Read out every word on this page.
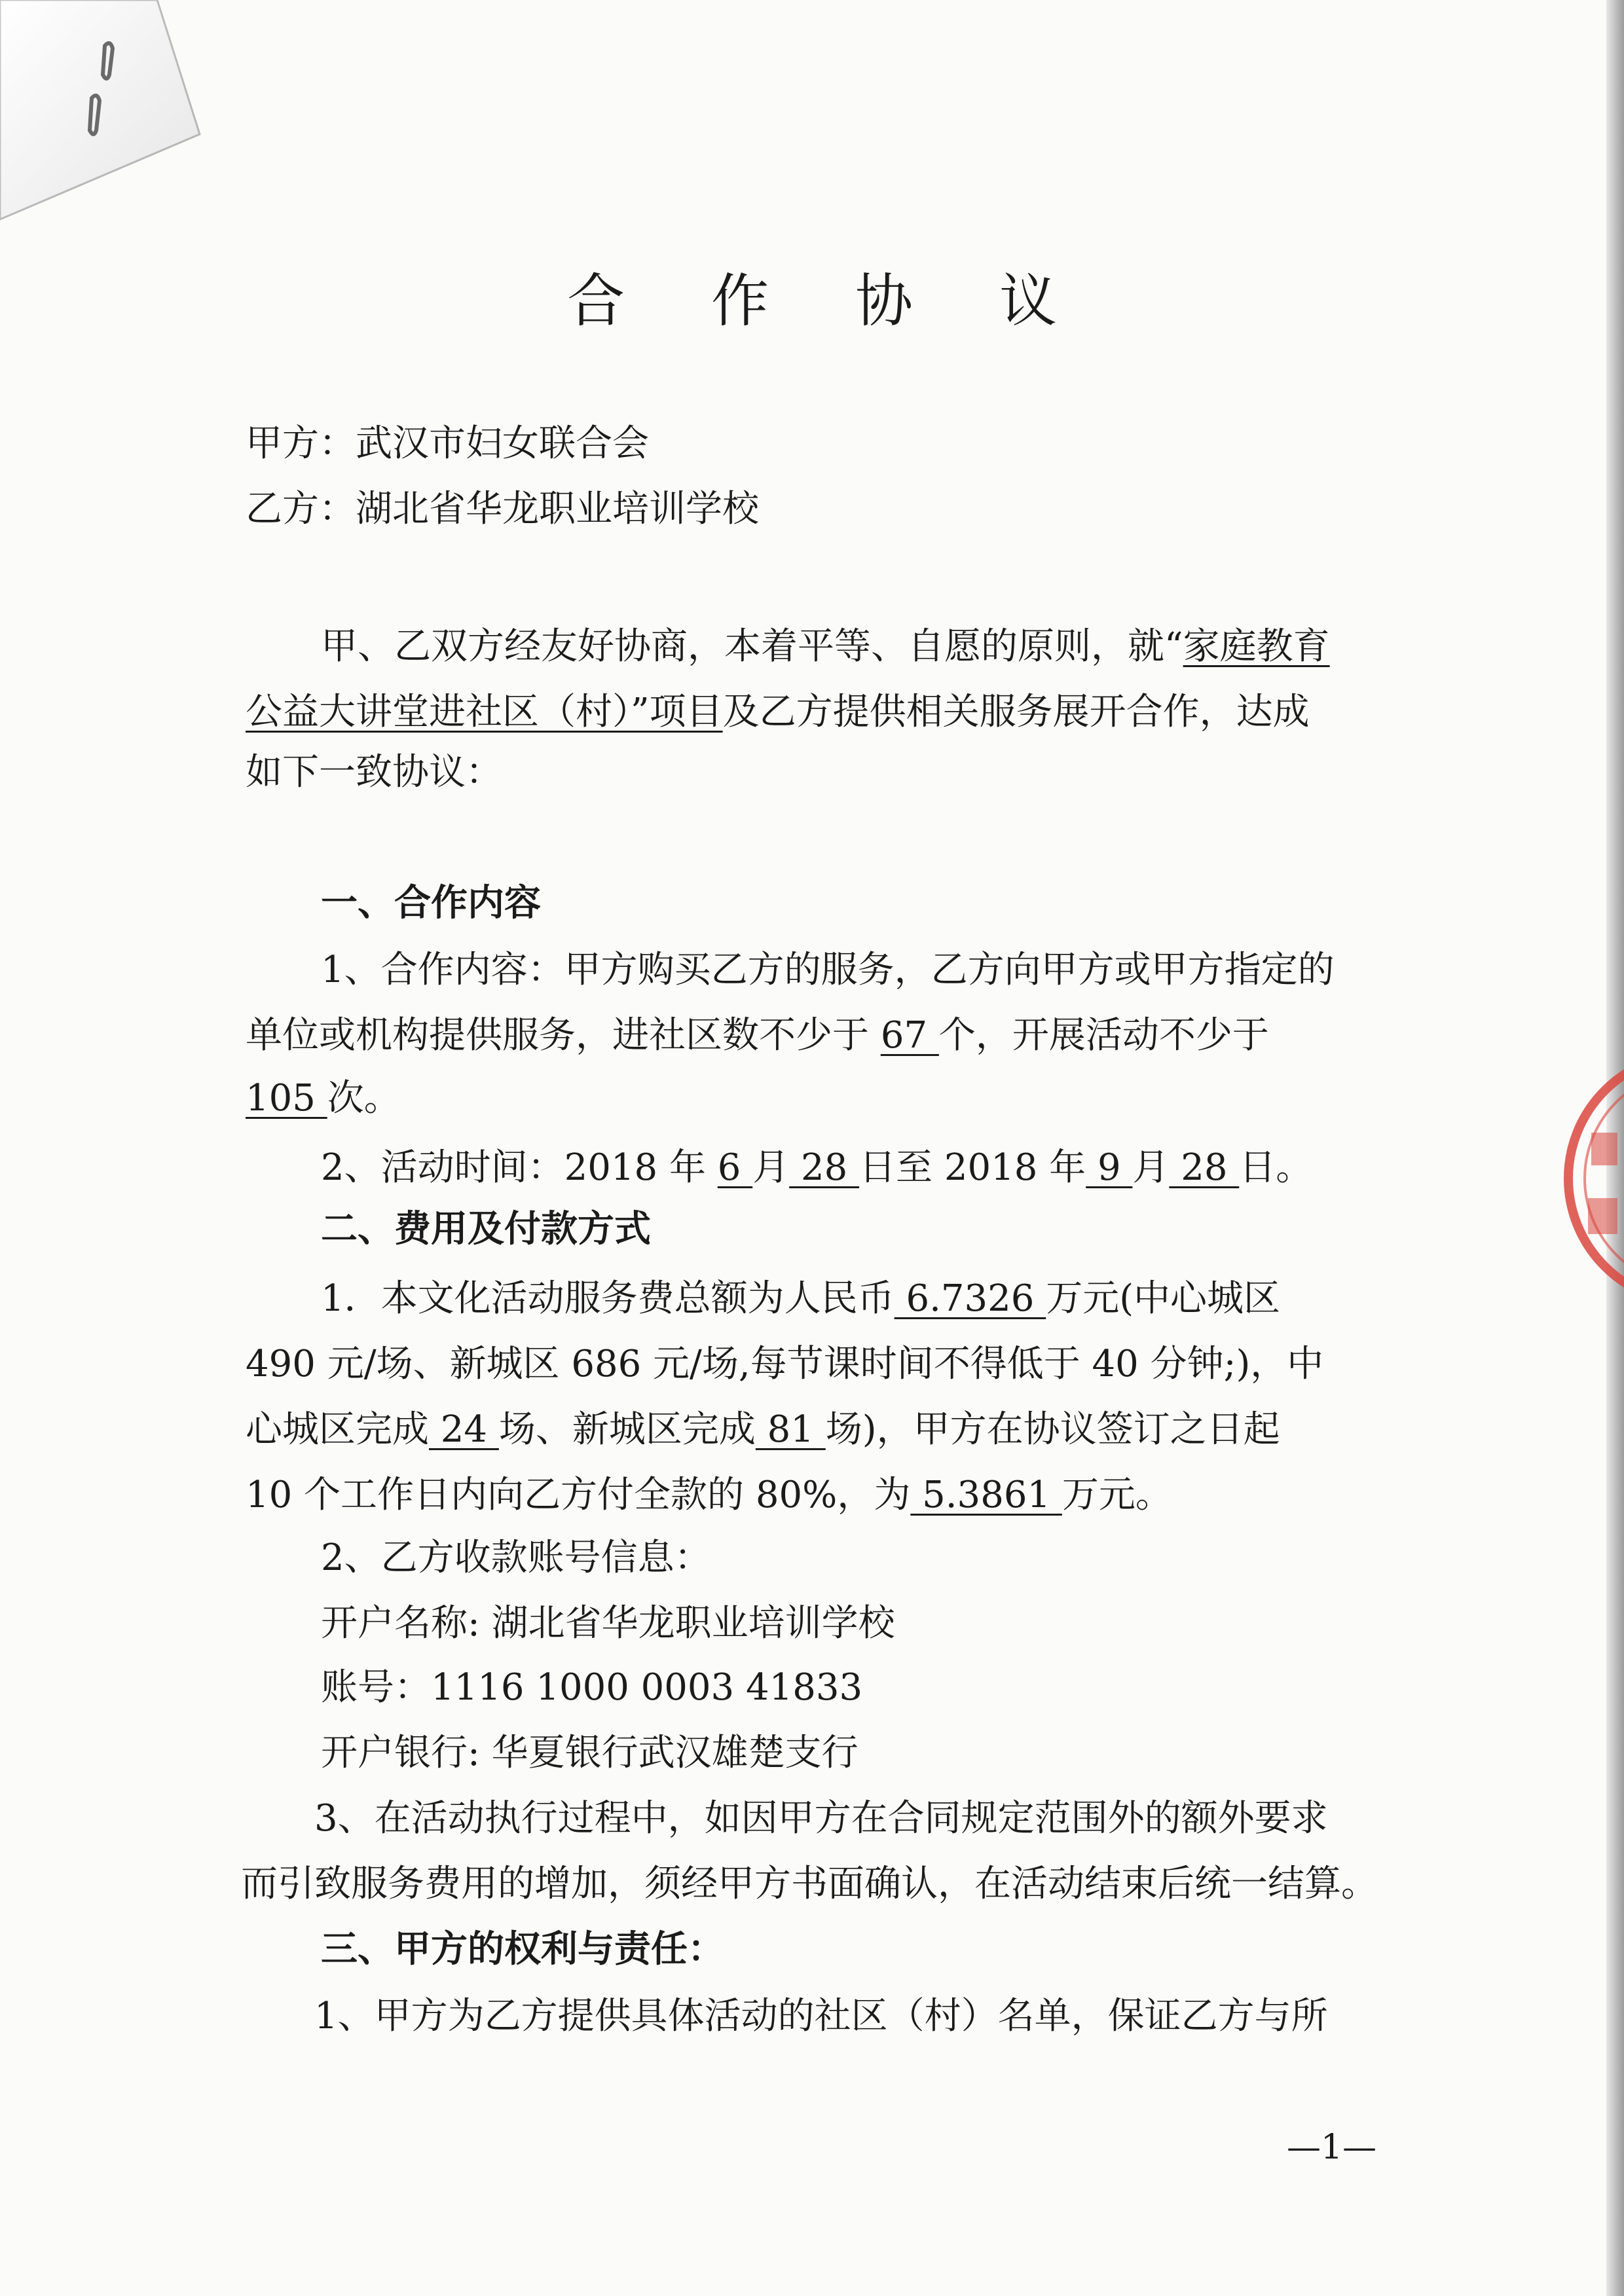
合 作 协 议
甲方：武汉市妇女联合会
乙方：湖北省华龙职业培训学校
甲、乙双方经友好协商，本着平等、自愿的原则，就“家庭教育
公益大讲堂进社区（村）”项目及乙方提供相关服务展开合作，达成
如下一致协议：
一、合作内容
1、合作内容：甲方购买乙方的服务，乙方向甲方或甲方指定的
单位或机构提供服务，进社区数不少于 67 个，开展活动不少于
105 次。
2、活动时间：2018 年 6 月 28 日至 2018 年 9 月 28 日。
二、费用及付款方式
1．本文化活动服务费总额为人民币 6.7326 万元(中心城区
490 元/场、新城区 686 元/场,每节课时间不得低于 40 分钟;)，中
心城区完成 24 场、新城区完成 81 场)，甲方在协议签订之日起
10 个工作日内向乙方付全款的 80%，为 5.3861 万元。
2、乙方收款账号信息：
开户名称: 湖北省华龙职业培训学校
账号：1116 1000 0003 41833
开户银行: 华夏银行武汉雄楚支行
3、在活动执行过程中，如因甲方在合同规定范围外的额外要求
而引致服务费用的增加，须经甲方书面确认，在活动结束后统一结算。
三、甲方的权利与责任：
1、甲方为乙方提供具体活动的社区（村）名单，保证乙方与所
—1—
